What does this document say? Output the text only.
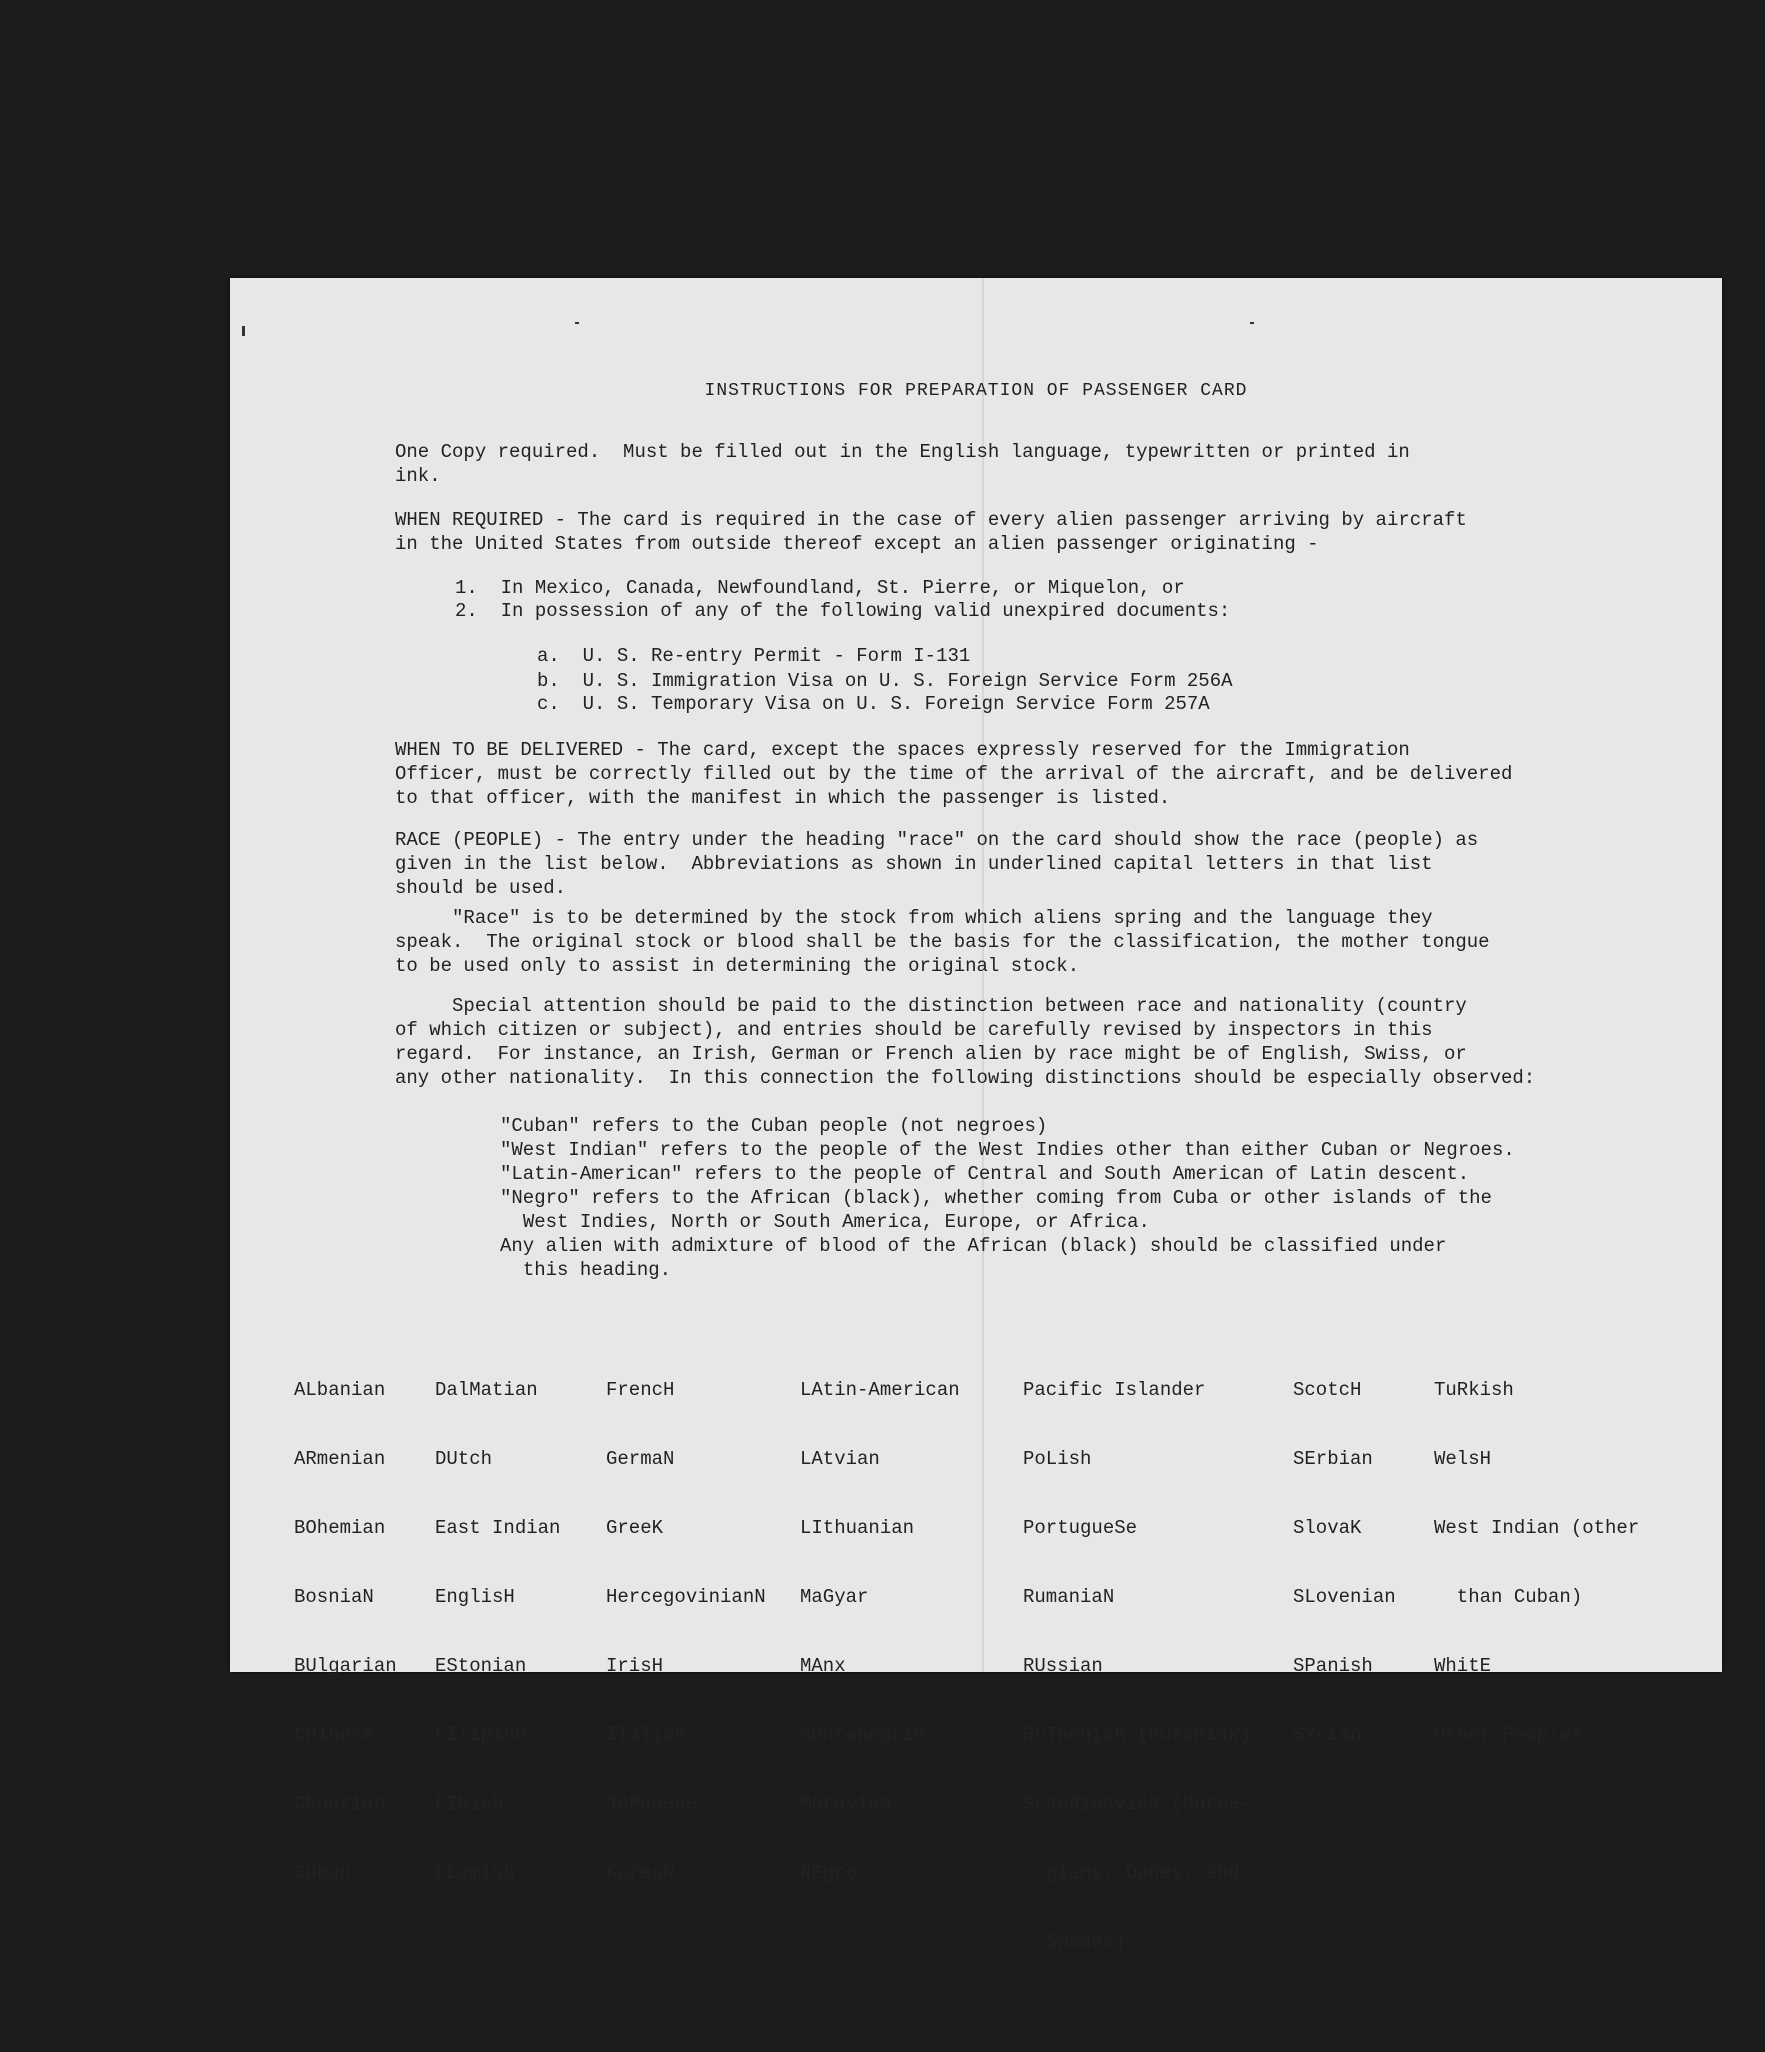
INSTRUCTIONS FOR PREPARATION OF PASSENGER CARD
One Copy required.  Must be filled out in the English language, typewritten or printed in
ink.
WHEN REQUIRED - The card is required in the case of every alien passenger arriving by aircraft
in the United States from outside thereof except an alien passenger originating -
1.  In Mexico, Canada, Newfoundland, St. Pierre, or Miquelon, or
2.  In possession of any of the following valid unexpired documents:
a.  U. S. Re-entry Permit - Form I-131
b.  U. S. Immigration Visa on U. S. Foreign Service Form 256A
c.  U. S. Temporary Visa on U. S. Foreign Service Form 257A
WHEN TO BE DELIVERED - The card, except the spaces expressly reserved for the Immigration
Officer, must be correctly filled out by the time of the arrival of the aircraft, and be delivered
to that officer, with the manifest in which the passenger is listed.
RACE (PEOPLE) - The entry under the heading "race" on the card should show the race (people) as
given in the list below.  Abbreviations as shown in underlined capital letters in that list
should be used.
"Race" is to be determined by the stock from which aliens spring and the language they
speak.  The original stock or blood shall be the basis for the classification, the mother tongue
to be used only to assist in determining the original stock.
Special attention should be paid to the distinction between race and nationality (country
of which citizen or subject), and entries should be carefully revised by inspectors in this
regard.  For instance, an Irish, German or French alien by race might be of English, Swiss, or
any other nationality.  In this connection the following distinctions should be especially observed:
"Cuban" refers to the Cuban people (not negroes)
"West Indian" refers to the people of the West Indies other than either Cuban or Negroes.
"Latin-American" refers to the people of Central and South American of Latin descent.
"Negro" refers to the African (black), whether coming from Cuba or other islands of the
West Indies, North or South America, Europe, or Africa.
Any alien with admixture of blood of the African (black) should be classified under
this heading.

ALbanian

ARmenian

BOhemian

BosniaN

BUlgarian

CHinese

CRoatian

CUban

DalMatian

DUtch

East Indian

EnglisH

EStonian

FIlipino

FINish

FLemish

FrencH

GermaN

GreeK

HercegovinianN

IrisH

ITalian

JaPanese

KoreaN

LAtin-American

LAtvian

LIthuanian

MaGyar

MAnx

MOntenegrin

MoraviaN

NEgro

Pacific Islander

PoLish

PortugueSe

RumaniaN

RUssian

RuThenian (Russniak)

ScandinaviaN (Norwe-

gians, Danes, and

Swedes)

ScotcH

SErbian

SlovaK

SLovenian

SPanish

SYrian

TuRkish

WelsH

West Indian (other

than Cuban)

WhitE

Other Peoples
